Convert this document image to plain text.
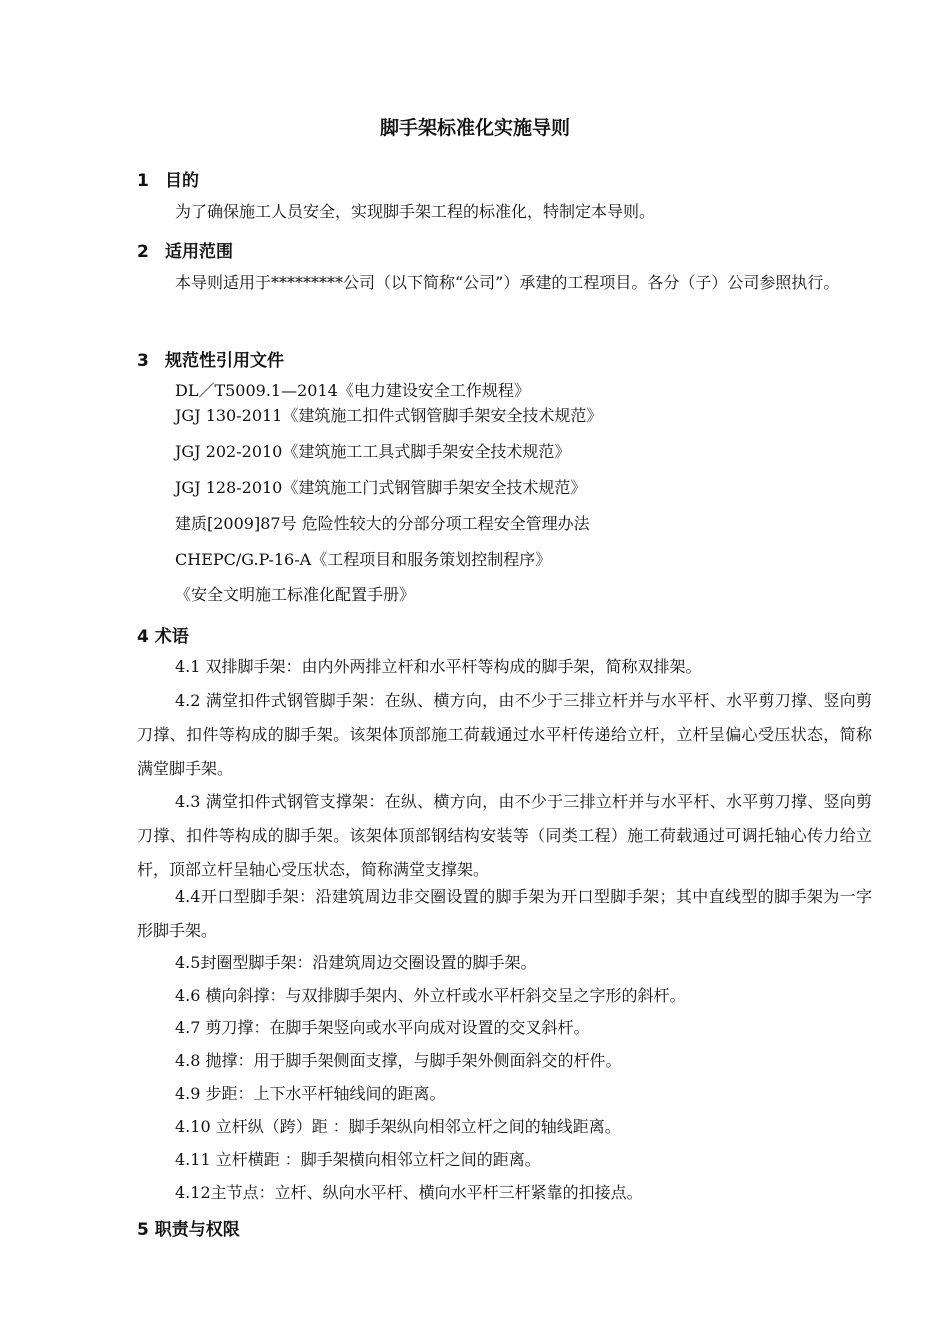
脚手架标准化实施导则
1 目的
为了确保施工人员安全，实现脚手架工程的标准化，特制定本导则。
2 适用范围
本导则适用于*********公司（以下简称“公司”）承建的工程项目。各分（子）公司参照执行。
3 规范性引用文件
DL／T5009.1—2014《电力建设安全工作规程》
JGJ 130-2011《建筑施工扣件式钢管脚手架安全技术规范》
JGJ 202-2010《建筑施工工具式脚手架安全技术规范》
JGJ 128-2010《建筑施工门式钢管脚手架安全技术规范》
建质[2009]87号 危险性较大的分部分项工程安全管理办法
CHEPC/G.P-16-A《工程项目和服务策划控制程序》
《安全文明施工标准化配置手册》
4 术语
4.1 双排脚手架：由内外两排立杆和水平杆等构成的脚手架，简称双排架。
4.2 满堂扣件式钢管脚手架：在纵、横方向，由不少于三排立杆并与水平杆、水平剪刀撑、竖向剪刀撑、扣件等构成的脚手架。该架体顶部施工荷载通过水平杆传递给立杆，立杆呈偏心受压状态，简称满堂脚手架。
4.3 满堂扣件式钢管支撑架：在纵、横方向，由不少于三排立杆并与水平杆、水平剪刀撑、竖向剪刀撑、扣件等构成的脚手架。该架体顶部钢结构安装等（同类工程）施工荷载通过可调托轴心传力给立杆，顶部立杆呈轴心受压状态，简称满堂支撑架。
4.4开口型脚手架：沿建筑周边非交圈设置的脚手架为开口型脚手架；其中直线型的脚手架为一字形脚手架。
4.5封圈型脚手架：沿建筑周边交圈设置的脚手架。
4.6 横向斜撑：与双排脚手架内、外立杆或水平杆斜交呈之字形的斜杆。
4.7 剪刀撑：在脚手架竖向或水平向成对设置的交叉斜杆。
4.8 抛撑：用于脚手架侧面支撑，与脚手架外侧面斜交的杆件。
4.9 步距：上下水平杆轴线间的距离。
4.10 立杆纵（跨）距 ：脚手架纵向相邻立杆之间的轴线距离。
4.11 立杆横距 ：脚手架横向相邻立杆之间的距离。
4.12主节点：立杆、纵向水平杆、横向水平杆三杆紧靠的扣接点。
5 职责与权限
